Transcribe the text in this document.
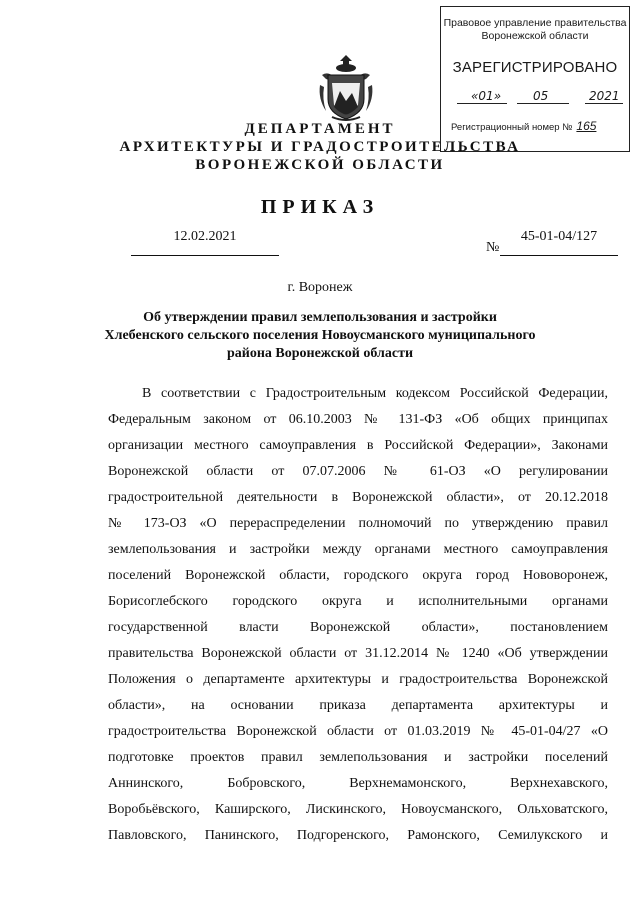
Правовое управление правительства
Воронежской области
ЗАРЕГИСТРИРОВАНО
«01»	05	2021
Регистрационный номер № 165
ДЕПАРТАМЕНТ
АРХИТЕКТУРЫ И ГРАДОСТРОИТЕЛЬСТВА
ВОРОНЕЖСКОЙ ОБЛАСТИ
ПРИКАЗ
12.02.2021
№
45-01-04/127
г. Воронеж
Об утверждении правил землепользования и застройки
Хлебенского сельского поселения Новоусманского муниципального
района Воронежской области

В соответствии с Градостроительным кодексом Российской Федерации,

Федеральным законом от 06.10.2003 № 131-ФЗ «Об общих принципах

организации местного самоуправления в Российской Федерации», Законами

Воронежской области от 07.07.2006 № 61-ОЗ «О регулировании

градостроительной деятельности в Воронежской области», от 20.12.2018

№ 173-ОЗ «О перераспределении полномочий по утверждению правил

землепользования и застройки между органами местного самоуправления

поселений Воронежской области, городского округа город Нововоронеж,

Борисоглебского городского округа и исполнительными органами

государственной власти Воронежской области», постановлением

правительства Воронежской области от 31.12.2014 № 1240 «Об утверждении

Положения о департаменте архитектуры и градостроительства Воронежской

области», на основании приказа департамента архитектуры и

градостроительства Воронежской области от 01.03.2019 № 45-01-04/27 «О

подготовке проектов правил землепользования и застройки поселений

Аннинского, Бобровского, Верхнемамонского, Верхнехавского,

Воробьёвского, Каширского, Лискинского, Новоусманского, Ольховатского,

Павловского, Панинского, Подгоренского, Рамонского, Семилукского и
